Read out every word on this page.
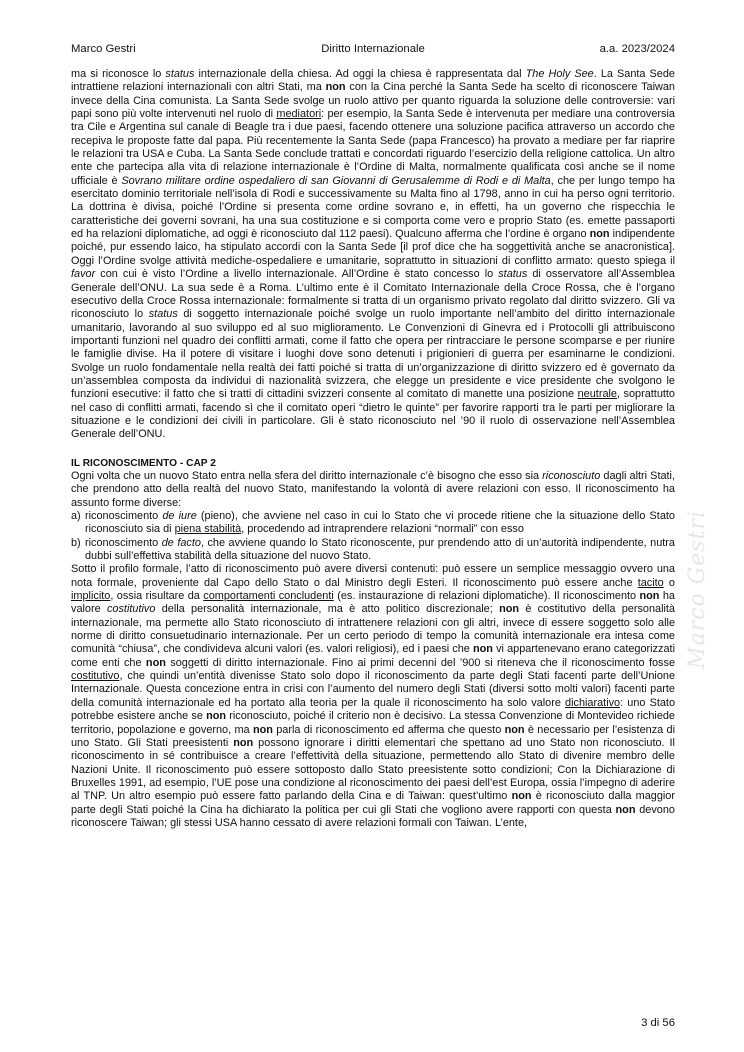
Marco Gestri	Diritto Internazionale	a.a. 2023/2024

ma si riconosce lo status internazionale della chiesa. Ad oggi la chiesa è rappresentata dal The Holy See. La Santa Sede intrattiene relazioni internazionali con altri Stati, ma non con la Cina perché la Santa Sede ha scelto di riconoscere Taiwan invece della Cina comunista. La Santa Sede svolge un ruolo attivo per quanto riguarda la soluzione delle controversie: vari papi sono più volte intervenuti nel ruolo di mediatori: per esempio, la Santa Sede è intervenuta per mediare una controversia tra Cile e Argentina sul canale di Beagle tra i due paesi, facendo ottenere una soluzione pacifica attraverso un accordo che recepiva le proposte fatte dal papa. Più recentemente la Santa Sede (papa Francesco) ha provato a mediare per far riaprire le relazioni tra USA e Cuba. La Santa Sede conclude trattati e concordati riguardo l’esercizio della religione cattolica. Un altro ente che partecipa alla vita di relazione internazionale è l’Ordine di Malta, normalmente qualificata così anche se il nome ufficiale è Sovrano militare ordine ospedaliero di san Giovanni di Gerusalemme di Rodi e di Malta, che per lungo tempo ha esercitato dominio territoriale nell’isola di Rodi e successivamente su Malta fino al 1798, anno in cui ha perso ogni territorio. La dottrina è divisa, poiché l’Ordine si presenta come ordine sovrano e, in effetti, ha un governo che rispecchia le caratteristiche dei governi sovrani, ha una sua costituzione e si comporta come vero e proprio Stato (es. emette passaporti ed ha relazioni diplomatiche, ad oggi è riconosciuto dal 112 paesi). Qualcuno afferma che l’ordine è organo non indipendente poiché, pur essendo laico, ha stipulato accordi con la Santa Sede [il prof dice che ha soggettività anche se anacronistica]. Oggi l’Ordine svolge attività mediche-ospedaliere e umanitarie, soprattutto in situazioni di conflitto armato: questo spiega il favor con cui è visto l’Ordine a livello internazionale. All’Ordine è stato concesso lo status di osservatore all’Assemblea Generale dell’ONU. La sua sede è a Roma. L’ultimo ente è il Comitato Internazionale della Croce Rossa, che è l’organo esecutivo della Croce Rossa internazionale: formalmente si tratta di un organismo privato regolato dal diritto svizzero. Gli va riconosciuto lo status di soggetto internazionale poiché svolge un ruolo importante nell’ambito del diritto internazionale umanitario, lavorando al suo sviluppo ed al suo miglioramento. Le Convenzioni di Ginevra ed i Protocolli gli attribuiscono importanti funzioni nel quadro dei conflitti armati, come il fatto che opera per rintracciare le persone scomparse e per riunire le famiglie divise. Ha il potere di visitare i luoghi dove sono detenuti i prigionieri di guerra per esaminarne le condizioni. Svolge un ruolo fondamentale nella realtà dei fatti poiché si tratta di un’organizzazione di diritto svizzero ed è governato da un’assemblea composta da individui di nazionalità svizzera, che elegge un presidente e vice presidente che svolgono le funzioni esecutive: il fatto che si tratti di cittadini svizzeri consente al comitato di manette una posizione neutrale, soprattutto nel caso di conflitti armati, facendo sì che il comitato operi “dietro le quinte” per favorire rapporti tra le parti per migliorare la situazione e le condizioni dei civili in particolare. Gli è stato riconosciuto nel ’90 il ruolo di osservazione nell’Assemblea Generale dell’ONU.

IL RICONOSCIMENTO - CAP 2

Ogni volta che un nuovo Stato entra nella sfera del diritto internazionale c’è bisogno che esso sia riconosciuto dagli altri Stati, che prendono atto della realtà del nuovo Stato, manifestando la volontà di avere relazioni con esso. Il riconoscimento ha assunto forme diverse:

a) riconoscimento de iure (pieno), che avviene nel caso in cui lo Stato che vi procede ritiene che la situazione dello Stato riconosciuto sia di piena stabilità, procedendo ad intraprendere relazioni “normali” con esso
b) riconoscimento de facto, che avviene quando lo Stato riconoscente, pur prendendo atto di un’autorità indipendente, nutra dubbi sull’effettiva stabilità della situazione del nuovo Stato.

Sotto il profilo formale, l’atto di riconoscimento può avere diversi contenuti: può essere un semplice messaggio ovvero una nota formale, proveniente dal Capo dello Stato o dal Ministro degli Esteri. Il riconoscimento può essere anche tacito o implicito, ossia risultare da comportamenti concludenti (es. instaurazione di relazioni diplomatiche). Il riconoscimento non ha valore costitutivo della personalità internazionale, ma è atto politico discrezionale; non è costitutivo della personalità internazionale, ma permette allo Stato riconosciuto di intrattenere relazioni con gli altri, invece di essere soggetto solo alle norme di diritto consuetudinario internazionale. Per un certo periodo di tempo la comunità internazionale era intesa come comunità “chiusa”, che condivideva alcuni valori (es. valori religiosi), ed i paesi che non vi appartenevano erano categorizzati come enti che non soggetti di diritto internazionale. Fino ai primi decenni del ’900 si riteneva che il riconoscimento fosse costitutivo, che quindi un’entità divenisse Stato solo dopo il riconoscimento da parte degli Stati facenti parte dell’Unione Internazionale. Questa concezione entra in crisi con l’aumento del numero degli Stati (diversi sotto molti valori) facenti parte della comunità internazionale ed ha portato alla teoria per la quale il riconoscimento ha solo valore dichiarativo: uno Stato potrebbe esistere anche se non riconosciuto, poiché il criterio non è decisivo. La stessa Convenzione di Montevideo richiede territorio, popolazione e governo, ma non parla di riconoscimento ed afferma che questo non è necessario per l’esistenza di uno Stato. Gli Stati preesistenti non possono ignorare i diritti elementari che spettano ad uno Stato non riconosciuto. Il riconoscimento in sé contribuisce a creare l’effettività della situazione, permettendo allo Stato di divenire membro delle Nazioni Unite. Il riconoscimento può essere sottoposto dallo Stato preesistente sotto condizioni; Con la Dichiarazione di Bruxelles 1991, ad esempio, l’UE pose una condizione al riconoscimento dei paesi dell’est Europa, ossia l’impegno di aderire al TNP. Un altro esempio può essere fatto parlando della Cina e di Taiwan: quest’ultimo non è riconosciuto dalla maggior parte degli Stati poiché la Cina ha dichiarato la politica per cui gli Stati che vogliono avere rapporti con questa non devono riconoscere Taiwan; gli stessi USA hanno cessato di avere relazioni formali con Taiwan. L’ente,

Marco Gestri
3 di 56
